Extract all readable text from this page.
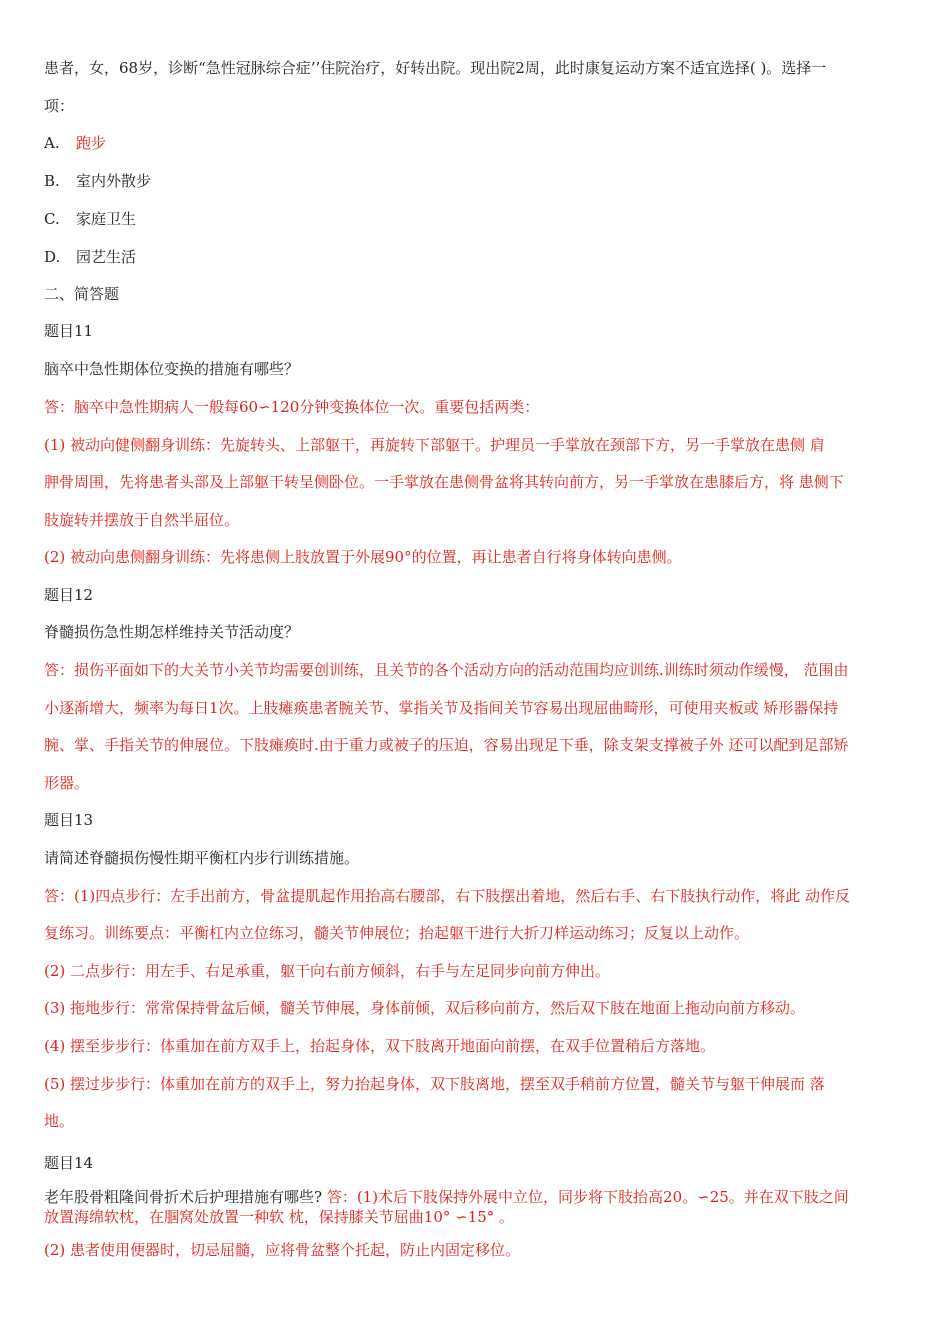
患者，女，68岁，诊断“急性冠脉综合症’’住院治疗，好转出院。现出院2周，此时康复运动方案不适宜选择( )。选择一
项：
A. 跑步
B. 室内外散步
C. 家庭卫生
D. 园艺生活
二、简答题
题目11
脑卒中急性期体位变换的措施有哪些？
答：脑卒中急性期病人一般每60∽120分钟变换体位一次。重要包括两类：
(1) 被动向健侧翻身训练：先旋转头、上部躯干，再旋转下部躯干。护理员一手掌放在颈部下方，另一手掌放在患侧 肩
胛骨周围，先将患者头部及上部躯干转呈侧卧位。一手掌放在患侧骨盆将其转向前方，另一手掌放在患膝后方，将 患侧下
肢旋转并摆放于自然半屈位。
(2) 被动向患侧翻身训练：先将患侧上肢放置于外展90°的位置，再让患者自行将身体转向患侧。
题目12
脊髓损伤急性期怎样维持关节活动度？
答：损伤平面如下的大关节小关节均需要创训练，且关节的各个活动方向的活动范围均应训练.训练时须动作缓慢， 范围由
小逐渐增大，频率为每日1次。上肢瘫痪患者腕关节、掌指关节及指间关节容易出现屈曲畸形，可使用夹板或 矫形器保持
腕、掌、手指关节的伸展位。下肢瘫痪时.由于重力或被子的压迫，容易出现足下垂，除支架支撑被子外 还可以配到足部矫
形器。
题目13
请简述脊髓损伤慢性期平衡杠内步行训练措施。
答：(1)四点步行：左手出前方，骨盆提肌起作用抬高右腰部，右下肢摆出着地，然后右手、右下肢执行动作，将此 动作反
复练习。训练要点：平衡杠内立位练习，髓关节伸展位；抬起躯干进行大折刀样运动练习；反复以上动作。
(2) 二点步行：用左手、右足承重，躯干向右前方倾斜，右手与左足同步向前方伸出。
(3) 拖地步行：常常保持骨盆后倾，髓关节伸展，身体前倾，双后移向前方，然后双下肢在地面上拖动向前方移动。
(4) 摆至步步行：体重加在前方双手上，抬起身体，双下肢离开地面向前摆，在双手位置稍后方落地。
(5) 摆过步步行：体重加在前方的双手上，努力抬起身体，双下肢离地，摆至双手稍前方位置，髓关节与躯干伸展而 落
地。
题目14
老年股骨粗隆间骨折术后护理措施有哪些? 答：(1)术后下肢保持外展中立位，同步将下肢抬高20。∽25。并在双下肢之间
放置海绵软枕，在腘窝处放置一种软 枕，保持膝关节屈曲10° ∽15° 。
(2) 患者使用便器时，切忌屈髓，应将骨盆整个托起，防止内固定移位。
